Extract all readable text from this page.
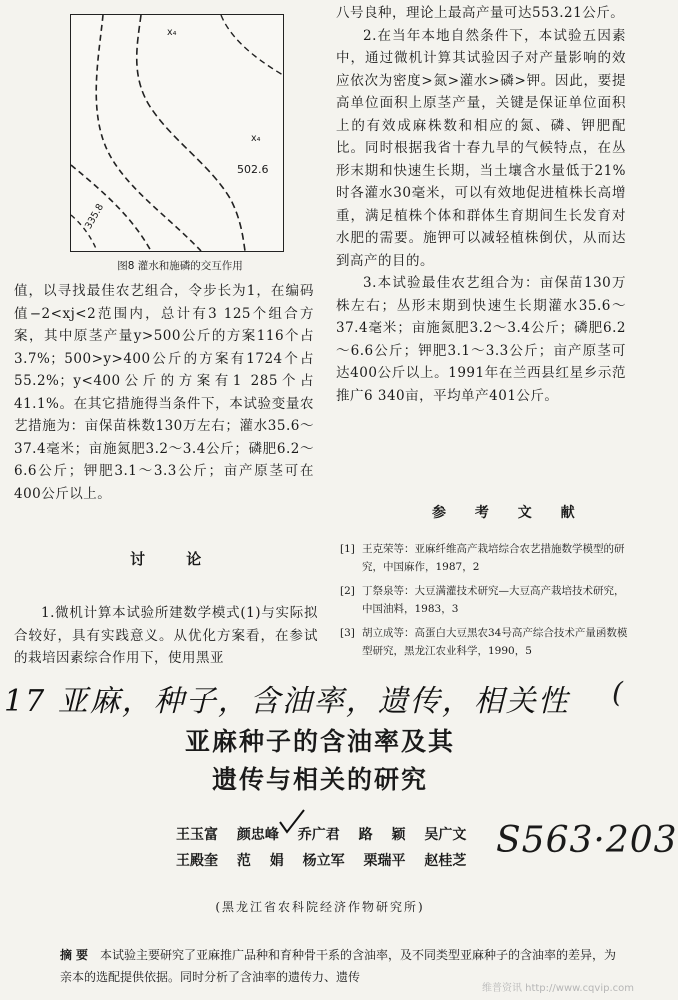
x₄
x₄
502.6
335.8
图8 灌水和施磷的交互作用

值，以寻找最佳农艺组合，令步长为1，在编码值−2<xj<2范围内，总计有3 125个组合方案，其中原茎产量y>500公斤的方案116个占3.7%；500>y>400公斤的方案有1724个占55.2%；y<400公斤的方案有1 285个占41.1%。在其它措施得当条件下，本试验变量农艺措施为：亩保苗株数130万左右；灌水35.6～37.4毫米；亩施氮肥3.2～3.4公斤；磷肥6.2～6.6公斤；钾肥3.1～3.3公斤；亩产原茎可在400公斤以上。

讨 论

1.微机计算本试验所建数学模式(1)与实际拟合较好，具有实践意义。从优化方案看，在参试的栽培因素综合作用下，使用黑亚

八号良种，理论上最高产量可达553.21公斤。

2.在当年本地自然条件下，本试验五因素中，通过微机计算其试验因子对产量影响的效应依次为密度>氮>灌水>磷>钾。因此，要提高单位面积上原茎产量，关键是保证单位面积上的有效成麻株数和相应的氮、磷、钾肥配比。同时根据我省十春九旱的气候特点，在丛形末期和快速生长期，当土壤含水量低于21%时各灌水30毫米，可以有效地促进植株长高增重，满足植株个体和群体生育期间生长发育对水肥的需要。施钾可以减轻植株倒伏，从而达到高产的目的。

3.本试验最佳农艺组合为：亩保苗130万株左右；丛形末期到快速生长期灌水35.6～37.4毫米；亩施氮肥3.2～3.4公斤；磷肥6.2～6.6公斤；钾肥3.1～3.3公斤；亩产原茎可达400公斤以上。1991年在兰西县红星乡示范推广6 340亩，平均单产401公斤。

参 考 文 献
[1] 王克荣等：亚麻纤维高产栽培综合农艺措施数学模型的研究，中国麻作，1987，2
[2] 丁祭泉等：大豆满灌技术研究—大豆高产栽培技术研究，中国油料，1983，3
[3] 胡立成等：高蛋白大豆黑农34号高产综合技术产量函数模型研究，黑龙江农业科学，1990，5
17 亚麻，种子，含油率，遗传，相关性 (
S563·203
亚麻种子的含油率及其
遗传与相关的研究
王玉富 颜忠峰 乔广君 路 颖 吴广文
王殿奎 范 娟 杨立军 栗瑞平 赵桂芝
(黑龙江省农科院经济作物研究所)
摘要 本试验主要研究了亚麻推广品种和育种骨干系的含油率，及不同类型亚麻种子的含油率的差异，为亲本的选配提供依据。同时分析了含油率的遗传力、遗传
维普资讯 http://www.cqvip.com
